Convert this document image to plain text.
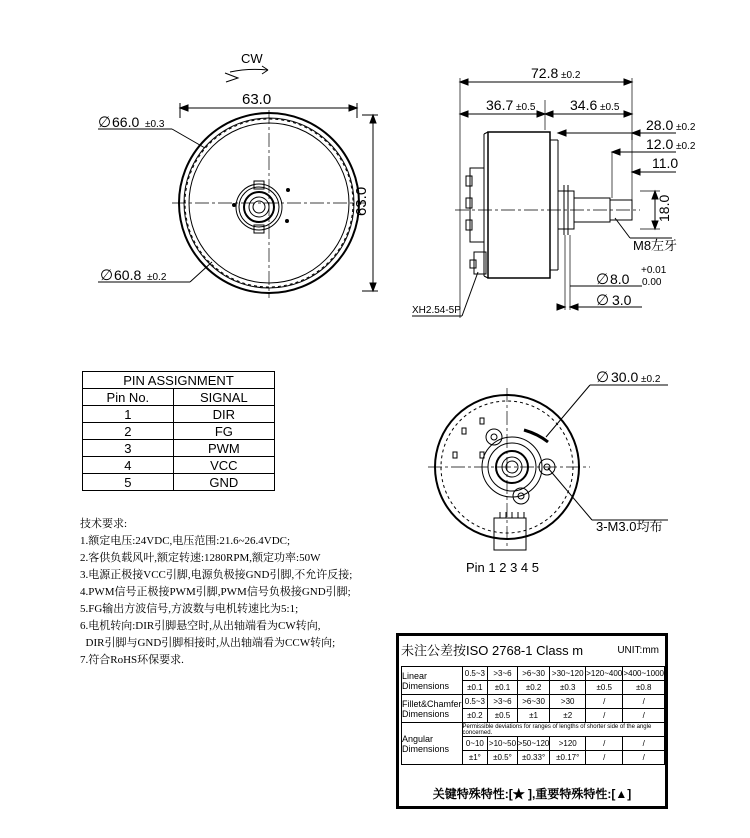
CW
63.0
63.0
∅ 66.0 ±0.3
∅ 60.8 ±0.2
72.8 ±0.2
36.7 ±0.5 34.6 ±0.5
28.0 ±0.2
12.0 ±0.2
11.0
18.0
M8左牙
∅ 8.0
+0.01
0.00
∅ 3.0
XH2.54-5P
∅ 30.0 ±0.2
3-M3.0均布
Pin 1 2 3 4 5
PIN ASSIGNMENT	
Pin No.	SIGNAL
1	DIR
2	FG
3	PWM
4	VCC
5	GND
技术要求:
1.额定电压:24VDC,电压范围:21.6~26.4VDC;
2.客供负载风叶,额定转速:1280RPM,额定功率:50W
3.电源正极接VCC引脚,电源负极接GND引脚,不允许反接;
4.PWM信号正极接PWM引脚,PWM信号负极接GND引脚;
5.FG输出方波信号,方波数与电机转速比为5:1;
6.电机转向:DIR引脚悬空时,从出轴端看为CW转向,
DIR引脚与GND引脚相接时,从出轴端看为CCW转向;
7.符合RoHS环保要求.
未注公差按ISO 2768-1 Class m	UNIT:mm
Linear Dimensions	0.5~3	>3~6	>6~30	>30~120	>120~400	>400~1000
	±0.1	±0.1	±0.2	±0.3	±0.5	±0.8
Fillet&Chamfer Dimensions	0.5~3	>3~6	>6~30	>30	/	/
	±0.2	±0.5	±1	±2	/	/
Angular Dimensions	Permissible deviations for ranges of lengths of shorter side of the angle concerned.					
	0~10	>10~50	>50~120	>120	/	/
	±1°	±0.5°	±0.33°	±0.17°	/	/
关键特殊特性:[★ ],重要特殊特性:[▲]
